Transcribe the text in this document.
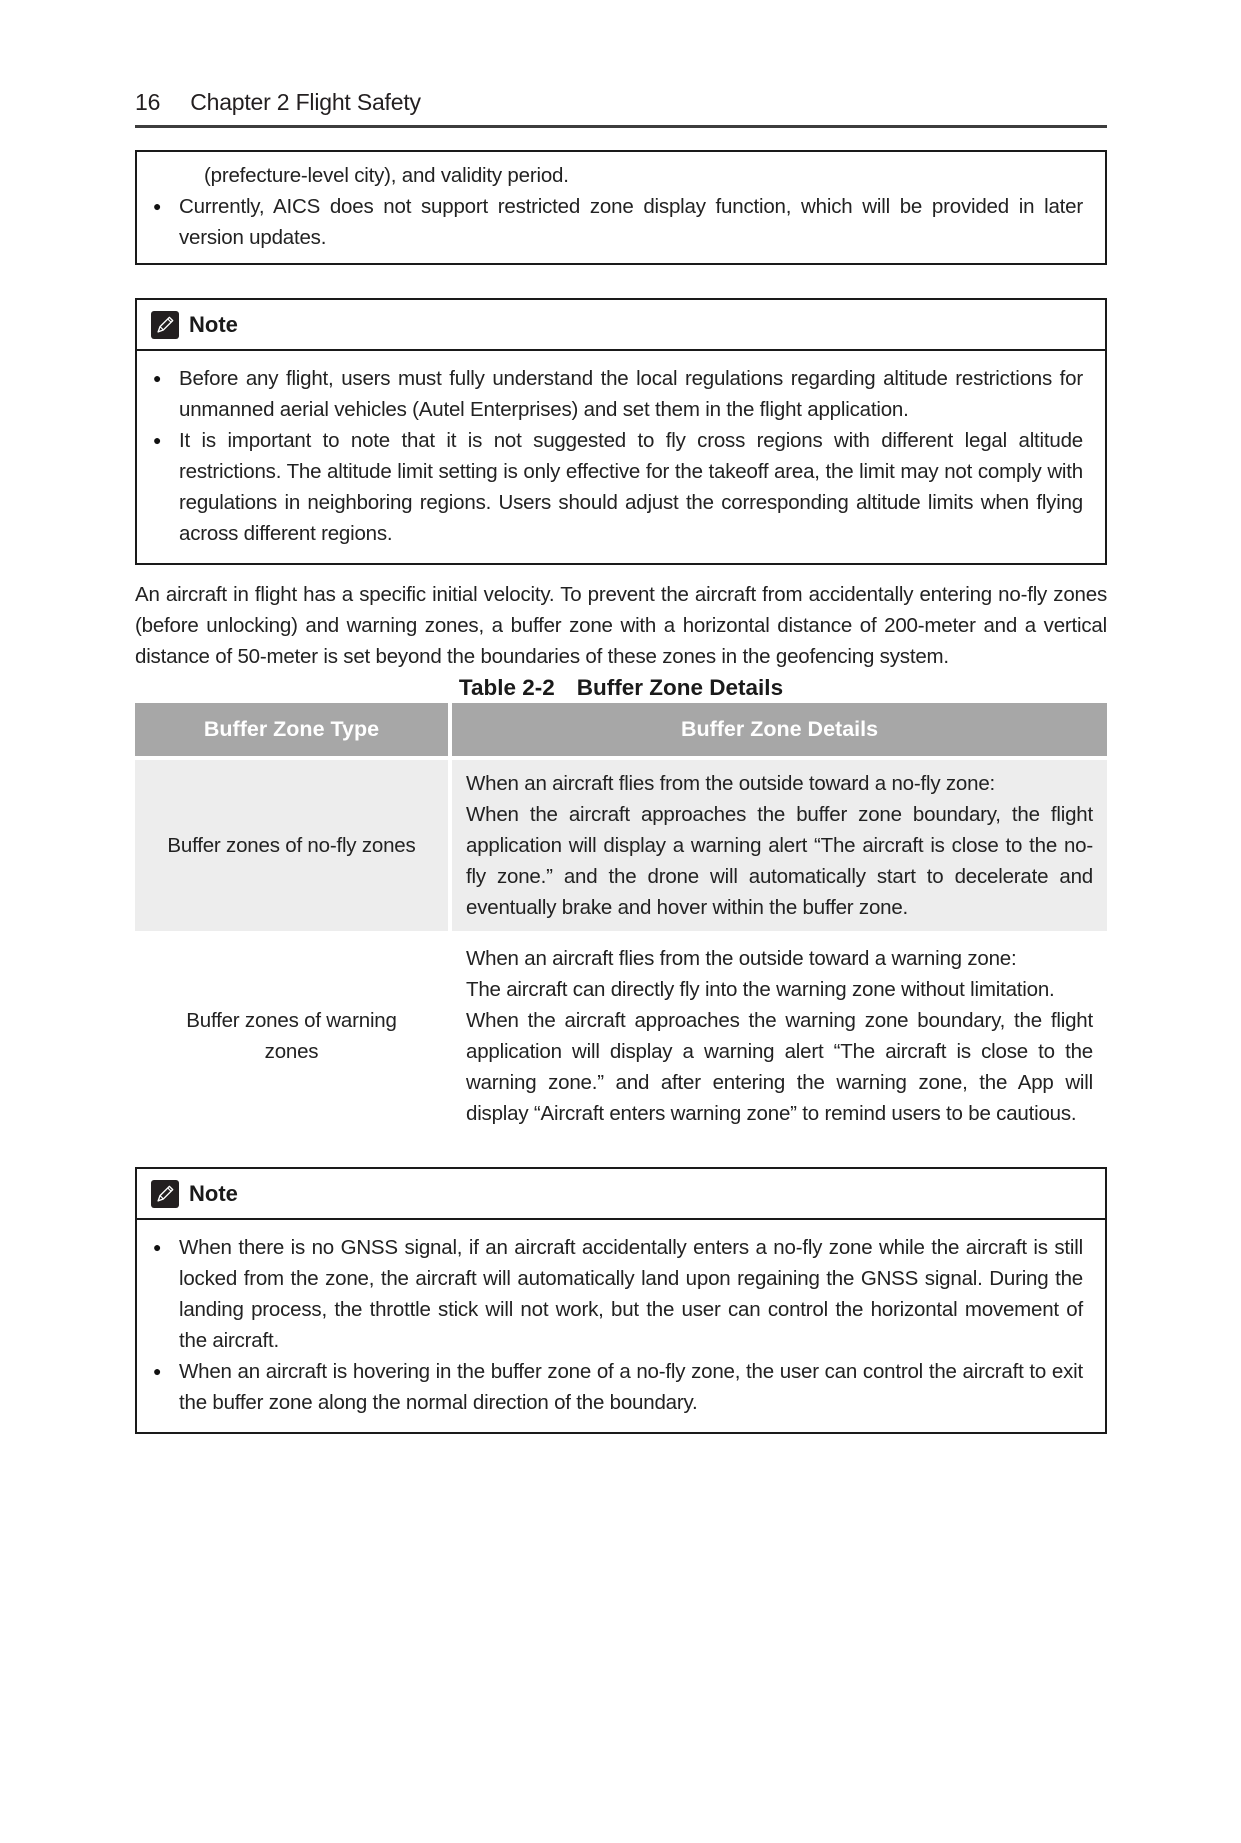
16 Chapter 2 Flight Safety
(prefecture-level city), and validity period.
● Currently, AICS does not support restricted zone display function, which will be provided in later version updates.
Note
● Before any flight, users must fully understand the local regulations regarding altitude restrictions for unmanned aerial vehicles (Autel Enterprises) and set them in the flight application.
● It is important to note that it is not suggested to fly cross regions with different legal altitude restrictions. The altitude limit setting is only effective for the takeoff area, the limit may not comply with regulations in neighboring regions. Users should adjust the corresponding altitude limits when flying across different regions.
An aircraft in flight has a specific initial velocity. To prevent the aircraft from accidentally entering no-fly zones (before unlocking) and warning zones, a buffer zone with a horizontal distance of 200-meter and a vertical distance of 50-meter is set beyond the boundaries of these zones in the geofencing system.
Table 2-2 Buffer Zone Details
Buffer Zone Type	Buffer Zone Details
Buffer zones of no-fly zones

When an aircraft flies from the outside toward a no-fly zone:

When the aircraft approaches the buffer zone boundary, the flight application will display a warning alert “The aircraft is close to the no-fly zone.” and the drone will automatically start to decelerate and eventually brake and hover within the buffer zone.

Buffer zones of warning zones

When an aircraft flies from the outside toward a warning zone:

The aircraft can directly fly into the warning zone without limitation.

When the aircraft approaches the warning zone boundary, the flight application will display a warning alert “The aircraft is close to the warning zone.” and after entering the warning zone, the App will display “Aircraft enters warning zone” to remind users to be cautious.

Note
● When there is no GNSS signal, if an aircraft accidentally enters a no-fly zone while the aircraft is still locked from the zone, the aircraft will automatically land upon regaining the GNSS signal. During the landing process, the throttle stick will not work, but the user can control the horizontal movement of the aircraft.
● When an aircraft is hovering in the buffer zone of a no-fly zone, the user can control the aircraft to exit the buffer zone along the normal direction of the boundary.
